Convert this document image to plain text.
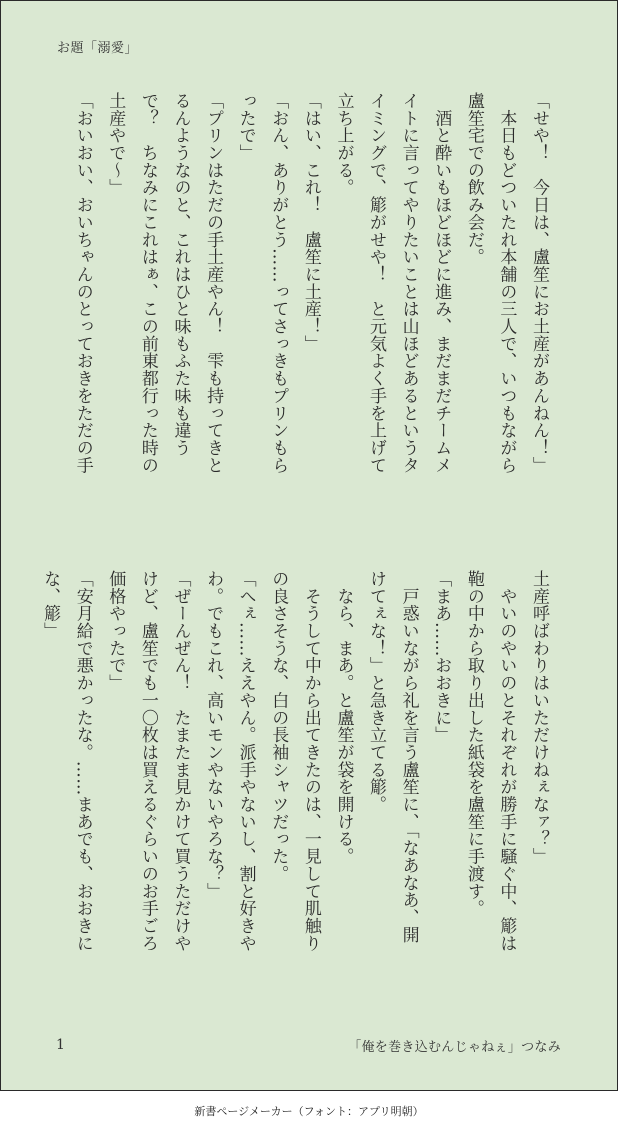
お題「溺愛」
「せや！　今日は、盧笙にお土産があんねん！」
　本日もどついたれ本舗の三人で、いつもながら
盧笙宅での飲み会だ。
　酒と酔いもほどほどに進み、まだまだチームメ
イトに言ってやりたいことは山ほどあるというタ
イミングで、簓がせや！　と元気よく手を上げて
立ち上がる。
「はい、これ！　盧笙に土産！」
「おん、ありがとう……ってさっきもプリンもら
ったで」
「プリンはただの手土産やん！　雫も持ってきと
るんようなのと、これはひと味もふた味も違う
で？　ちなみにこれはぁ、この前東都行った時の
土産やで～」
「おいおい、おいちゃんのとっておきをただの手
土産呼ばわりはいただけねぇなァ？」
　やいのやいのとそれぞれが勝手に騒ぐ中、簓は
鞄の中から取り出した紙袋を盧笙に手渡す。
「まあ……おおきに」
　戸惑いながら礼を言う盧笙に、「なあなあ、開
けてぇな！」と急き立てる簓。
　なら、まあ。と盧笙が袋を開ける。
　そうして中から出てきたのは、一見して肌触り
の良さそうな、白の長袖シャツだった。
「へぇ……ええやん。派手やないし、割と好きや
わ。でもこれ、高いモンやないやろな？」
「ぜーんぜん！　たまたま見かけて買うただけや
けど、盧笙でも一〇枚は買えるぐらいのお手ごろ
価格やったで」
「安月給で悪かったな。……まあでも、おおきに
な、簓」
1	「俺を巻き込むんじゃねぇ」つなみ
新書ページメーカー（フォント：アプリ明朝）
